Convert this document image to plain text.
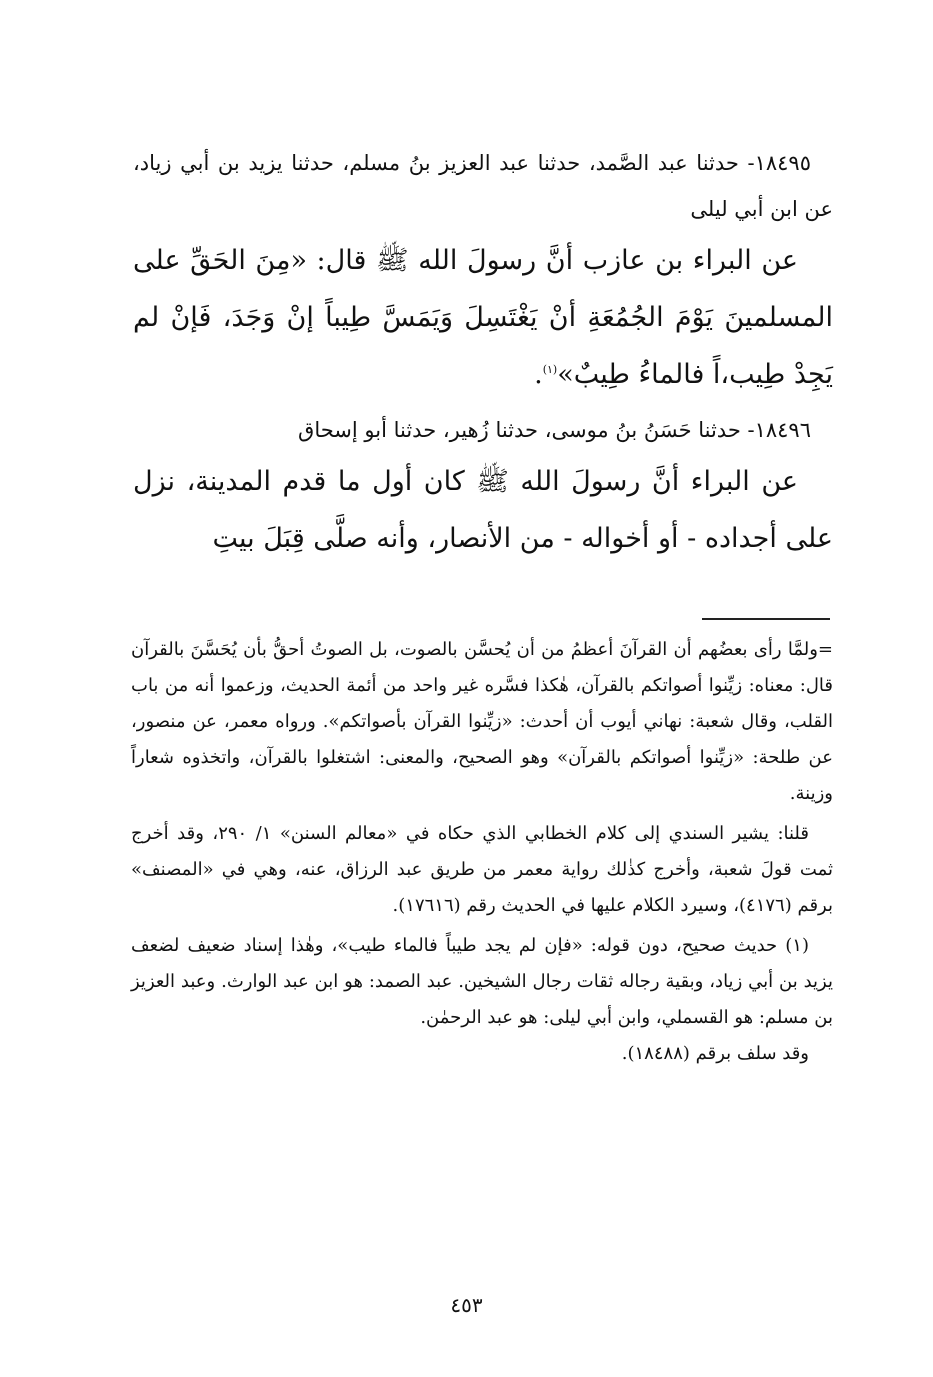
١٨٤٩٥- حدثنا عبد الصَّمد، حدثنا عبد العزيز بنُ مسلم، حدثنا يزيد بن أبي زياد، عن ابن أبي ليلى

عن البراء بن عازب أنَّ رسولَ الله ﷺ قال: «مِنَ الحَقِّ على المسلمينَ يَوْمَ الجُمُعَةِ أنْ يَغْتَسِلَ وَيَمَسَّ طِيباً إنْ وَجَدَ، فَإنْ لم يَجِدْ طِيب،اً فالماءُ طِيبٌ»$^{(١)}$.

١٨٤٩٦- حدثنا حَسَنُ بنُ موسى، حدثنا زُهير، حدثنا أبو إسحاق

عن البراء أنَّ رسولَ الله ﷺ كان أول ما قدم المدينة، نزل على أجداده - أو أخواله - من الأنصار، وأنه صلَّى قِبَلَ بيتِ

=ولمَّا رأى بعضُهم أن القرآنَ أعظمُ من أن يُحسَّن بالصوت، بل الصوتُ أحقُّ بأن يُحَسَّنَ بالقرآن قال: معناه: زيِّنوا أصواتكم بالقرآن، هٰكذا فسَّره غير واحد من أئمة الحديث، وزعموا أنه من باب القلب، وقال شعبة: نهاني أيوب أن أحدث: «زيِّنوا القرآن بأصواتكم». ورواه معمر، عن منصور، عن طلحة: «زيِّنوا أصواتكم بالقرآن» وهو الصحيح، والمعنى: اشتغلوا بالقرآن، واتخذوه شعاراً وزينة.

قلنا: يشير السندي إلى كلام الخطابي الذي حكاه في «معالم السنن» ١/ ٢٩٠، وقد أخرج ثمت قولَ شعبة، وأخرج كذٰلك رواية معمر من طريق عبد الرزاق، عنه، وهي في «المصنف» برقم (٤١٧٦)، وسيرد الكلام عليها في الحديث رقم (١٧٦١٦).

(١) حديث صحيح، دون قوله: «فإن لم يجد طيباً فالماء طيب»، وهٰذا إسناد ضعيف لضعف يزيد بن أبي زياد، وبقية رجاله ثقات رجال الشيخين. عبد الصمد: هو ابن عبد الوارث. وعبد العزيز بن مسلم: هو القسملي، وابن أبي ليلى: هو عبد الرحمٰن.

وقد سلف برقم (١٨٤٨٨).

٤٥٣
